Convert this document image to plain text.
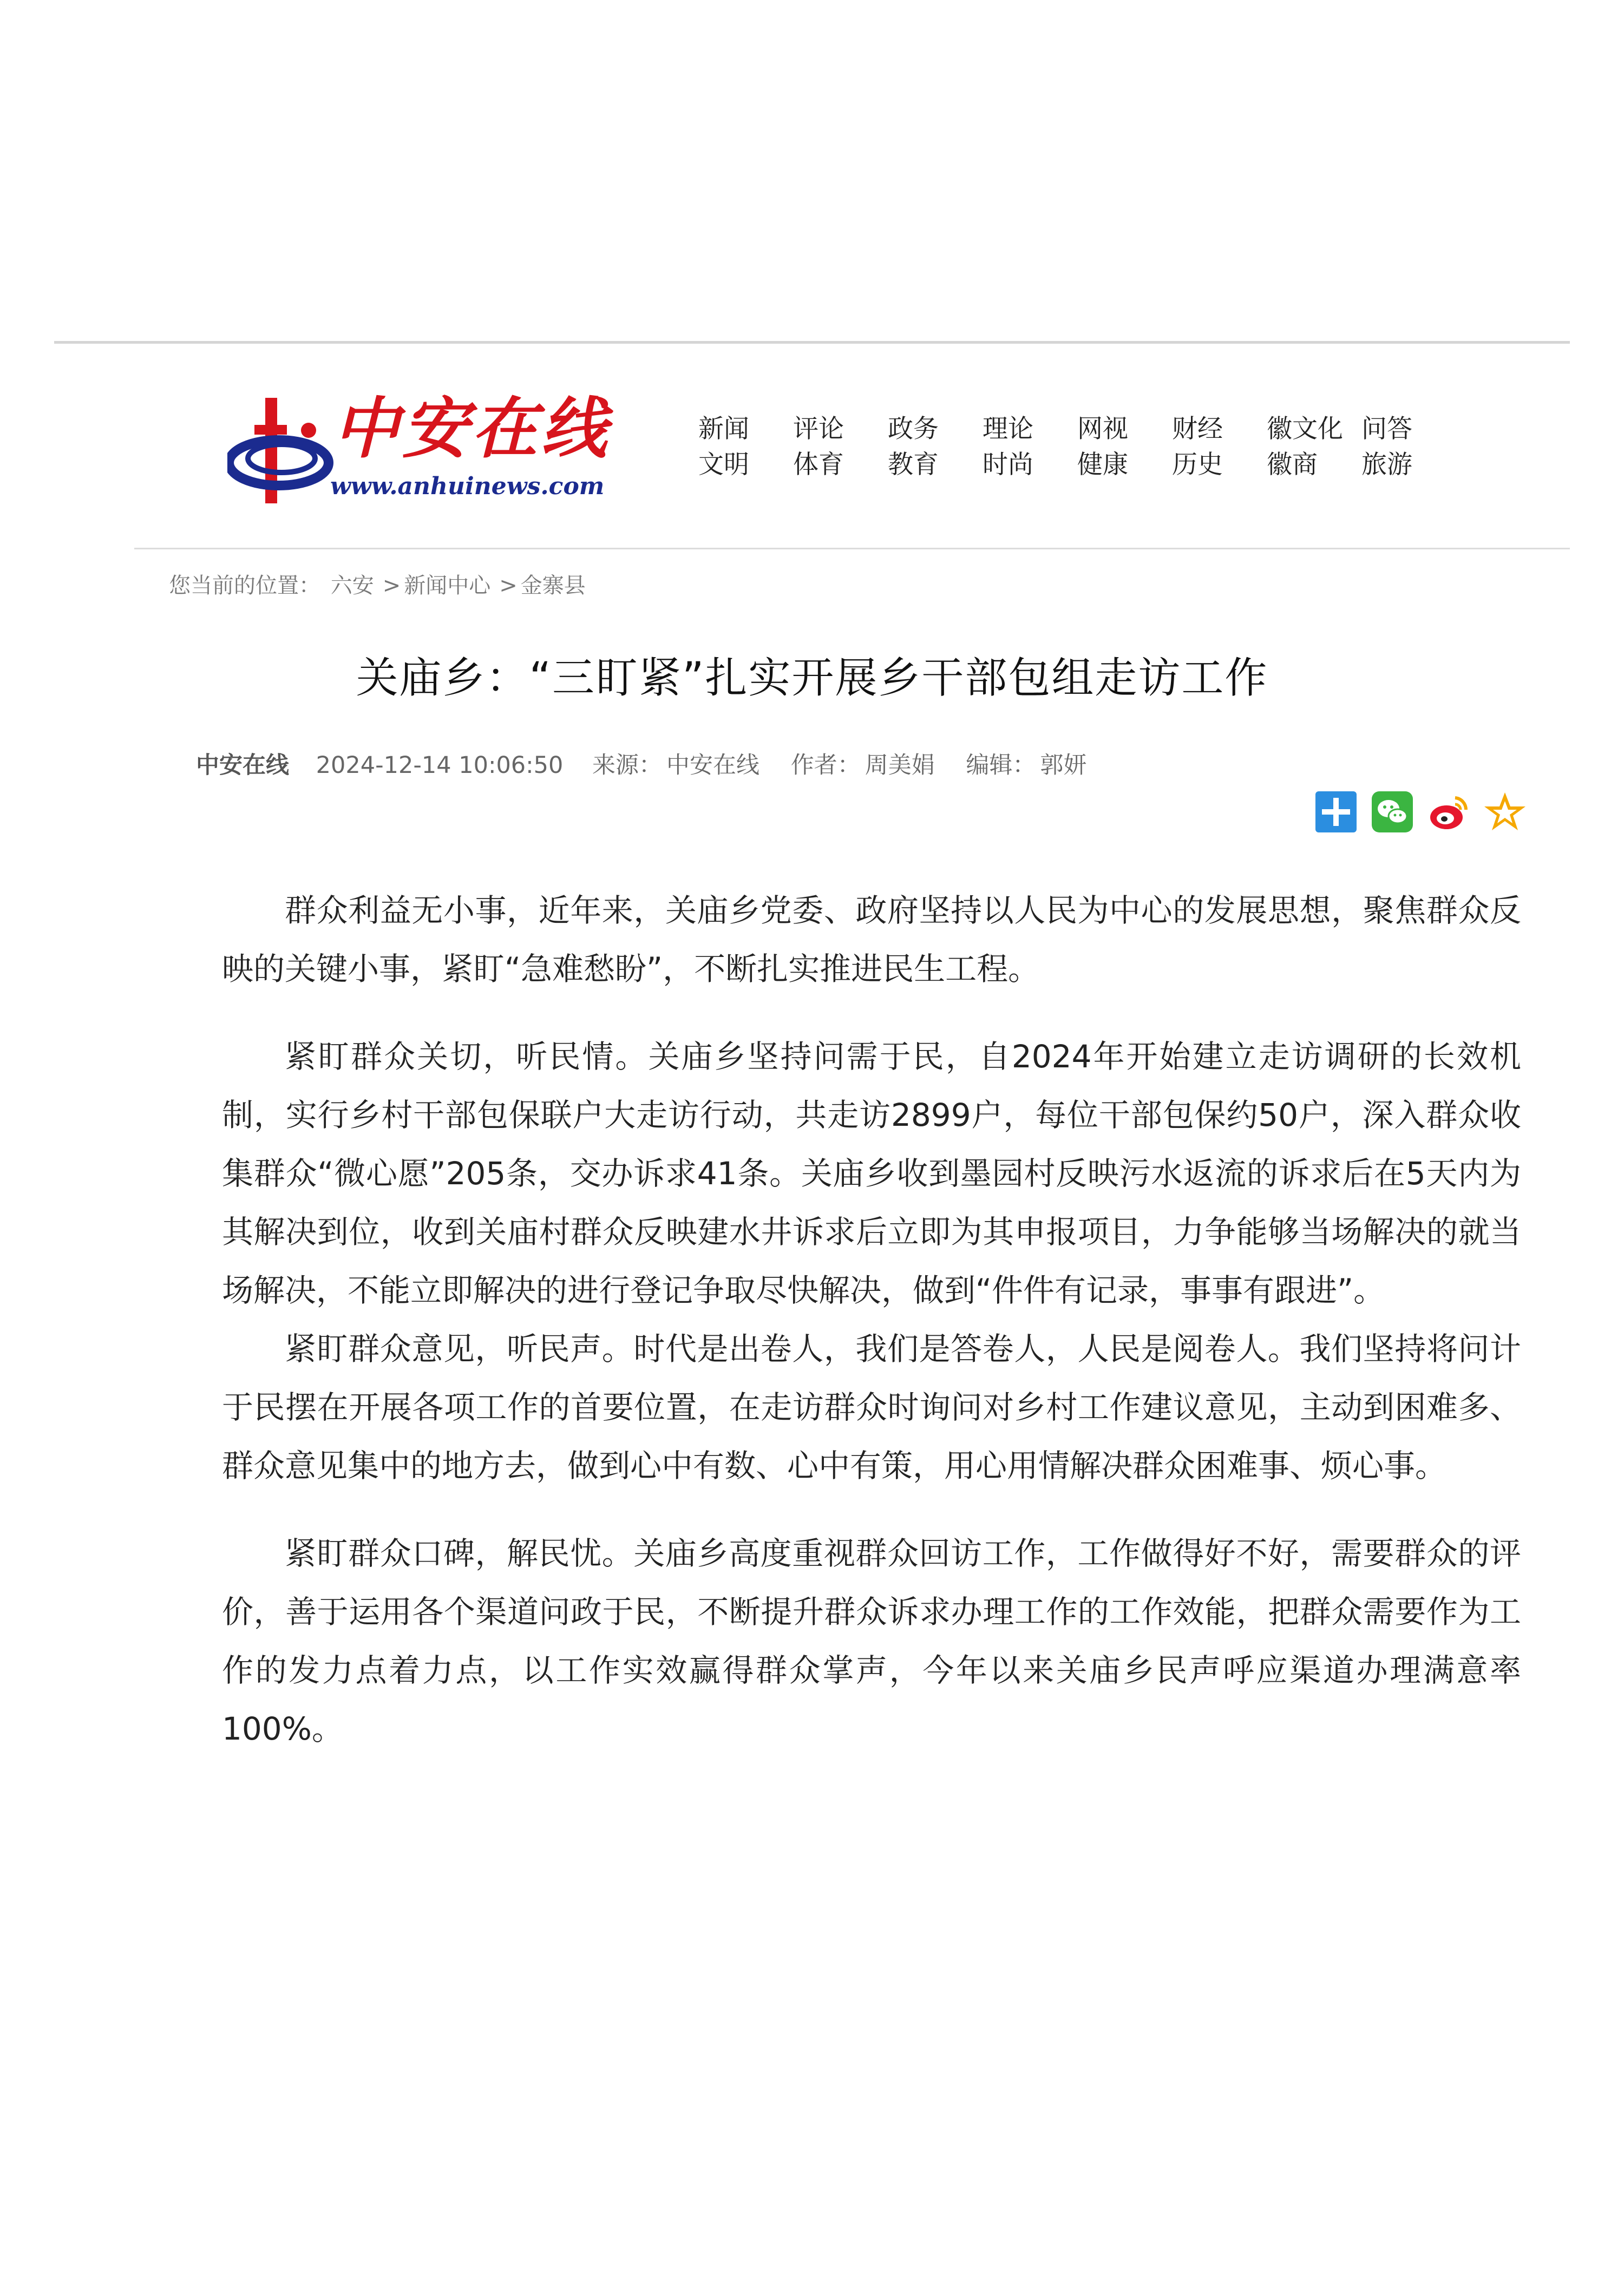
中安在线
www.anhuinews.com
新闻	评论	政务	理论	网视	财经	徽文化 问答
文明	体育	教育	时尚	健康	历史	徽商	旅游
您当前的位置： 六安 > 新闻中心 > 金寨县
关庙乡：“三盯紧”扎实开展乡干部包组走访工作
中安在线 2024-12-14 10:06:50 来源： 中安在线 作者： 周美娟 编辑： 郭妍

群众利益无小事，近年来，关庙乡党委、政府坚持以人民为中心的发展思想，聚焦群众反映的关键小事，紧盯“急难愁盼”，不断扎实推进民生工程。

紧盯群众关切，听民情。关庙乡坚持问需于民，自2024年开始建立走访调研的长效机制，实行乡村干部包保联户大走访行动，共走访2899户，每位干部包保约50户，深入群众收集群众“微心愿”205条，交办诉求41条。关庙乡收到墨园村反映污水返流的诉求后在5天内为其解决到位，收到关庙村群众反映建水井诉求后立即为其申报项目，力争能够当场解决的就当场解决，不能立即解决的进行登记争取尽快解决，做到“件件有记录，事事有跟进”。

紧盯群众意见，听民声。时代是出卷人，我们是答卷人，人民是阅卷人。我们坚持将问计于民摆在开展各项工作的首要位置，在走访群众时询问对乡村工作建议意见，主动到困难多、群众意见集中的地方去，做到心中有数、心中有策，用心用情解决群众困难事、烦心事。

紧盯群众口碑，解民忧。关庙乡高度重视群众回访工作，工作做得好不好，需要群众的评价，善于运用各个渠道问政于民，不断提升群众诉求办理工作的工作效能，把群众需要作为工作的发力点着力点，以工作实效赢得群众掌声，今年以来关庙乡民声呼应渠道办理满意率100%。
